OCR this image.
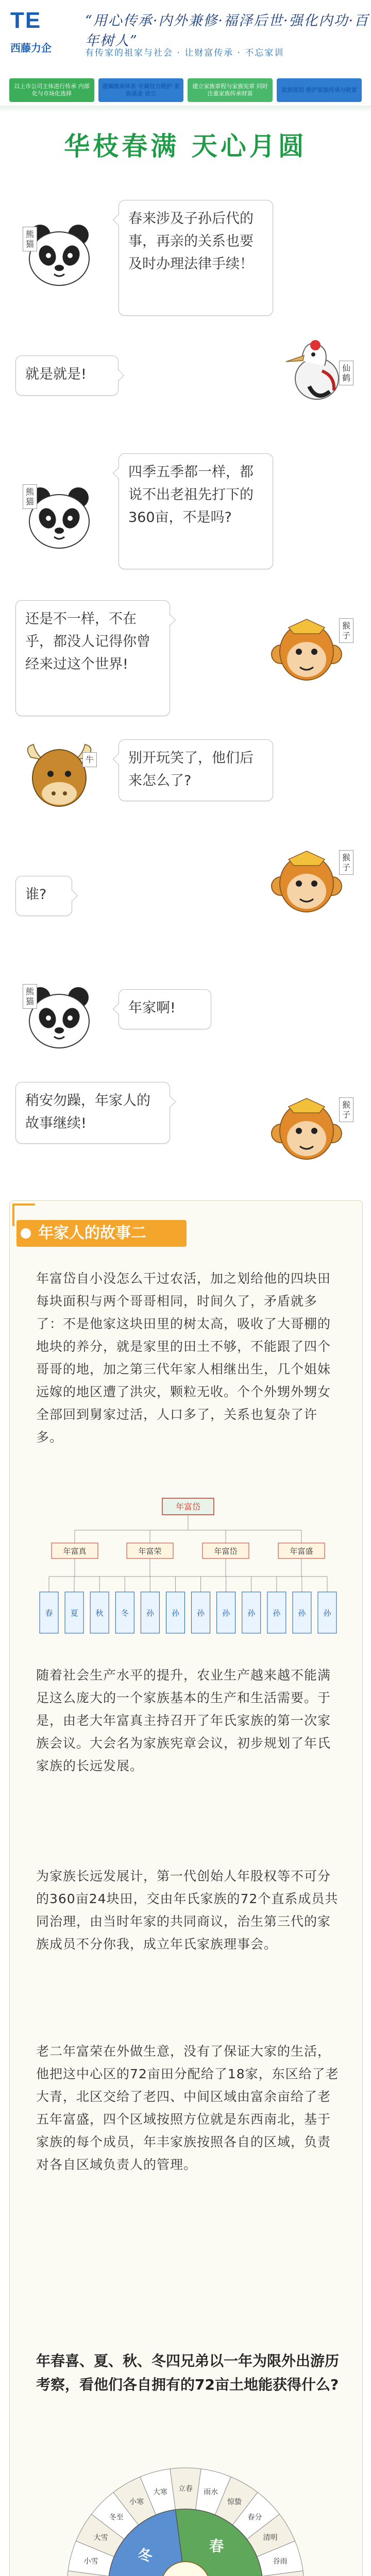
TE
西藤力企
“用心传承·内外兼修·福泽后世·强化内功·百年树人”
有传家的祖家与社会 · 让财富传承 · 不忘家训
以上市公司主体进行传承 内部化与市场化选择
遗嘱继承体系 专属权力维护 家族基金 设立
建立家族章程与家族宪章 同时注重家族传承财富
家族规划 维护家族传承与财富
华枝春满 天心月圆
熊猫
春来涉及子孙后代的事，再亲的关系也要及时办理法律手续！
就是就是!	仙鹤
熊猫
四季五季都一样，都说不出老祖先打下的360亩，不是吗?
还是不一样，不在乎，都没人记得你曾经来过这个世界!
猴子
牛	别开玩笑了，他们后来怎么了?
谁?
猴子
熊猫	年家啊!
稍安勿躁，年家人的故事继续!
猴子
年家人的故事二
年富岱自小没怎么干过农活，加之划给他的四块田每块面积与两个哥哥相同，时间久了，矛盾就多了：不是他家这块田里的树太高，吸收了大哥棚的地块的养分，就是家里的田土不够，不能跟了四个哥哥的地，加之第三代年家人相继出生，几个姐妹远嫁的地区遭了洪灾，颗粒无收。个个外甥外甥女全部回到舅家过活，人口多了，关系也复杂了许多。
年富岱
年富真	年富荣	年富岱	年富盛
春 夏 秋 冬 孙 孙 孙 孙 孙 孙 孙 孙
随着社会生产水平的提升，农业生产越来越不能满足这么庞大的一个家族基本的生产和生活需要。于是，由老大年富真主持召开了年氏家族的第一次家族会议。大会名为家族宪章会议，初步规划了年氏家族的长远发展。
为家族长远发展计，第一代创始人年股权等不可分的360亩24块田，交由年氏家族的72个直系成员共同治理，由当时年家的共同商议，治生第三代的家族成员不分你我，成立年氏家族理事会。
老二年富荣在外做生意，没有了保证大家的生活，他把这中心区的72亩田分配给了18家，东区给了老大青，北区交给了老四、中间区域由富余亩给了老五年富盛，四个区域按照方位就是东西南北，基于家族的每个成员，年丰家族按照各自的区域，负责对各自区域负责人的管理。
年春喜、夏、秋、冬四兄弟以一年为限外出游历考察，看他们各自拥有的72亩土地能获得什么?
立春 雨水
惊蛰
春分
清明
谷雨
小雪
大雪
冬至
小寒
大寒
春
冬
